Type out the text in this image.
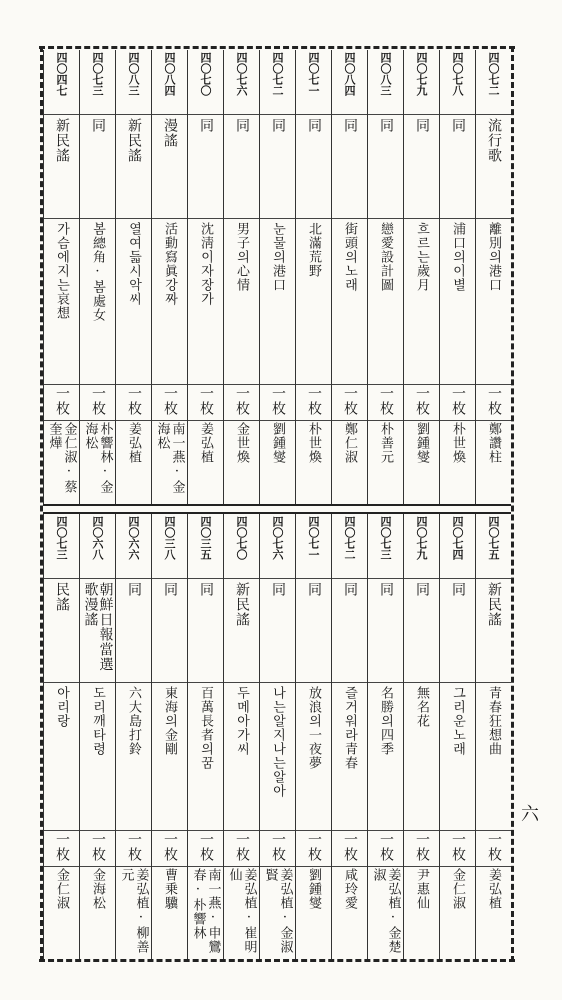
四〇七二
流行歌
離別의港口
一枚
鄭讚柱
四〇七八
同
浦口의이별
一枚
朴世煥
四〇七九
同
흐르는歲月
一枚
劉鍾燮
四〇八三
同
戀愛設計圖
一枚
朴善元
四〇八四
同
街頭의노래
一枚
鄭仁淑
四〇七一
同
北滿荒野
一枚
朴世煥
四〇七二
同
눈물의港口
一枚
劉鍾燮
四〇七六
同
男子의心情
一枚
金世煥
四〇七〇
同
沈淸이자장가
一枚
姜弘植
四〇八四
漫謠
活動寫眞강짜
一枚
南一燕·金海松
四〇八三
新民謠
열여듧시악씨
一枚
姜弘植
四〇七三
同
봄總角·봄處女
一枚
朴響林·金海松
四〇四七
新民謠
가슴에지는哀想
一枚
金仁淑·蔡奎燁
四〇七五
新民謠
青春狂想曲
一枚
姜弘植
四〇七四
同
그리운노래
一枚
金仁淑
四〇七九
同
無名花
一枚
尹惠仙
四〇七三
同
名勝의四季
一枚
姜弘植·金楚淑
四〇七二
同
즐거워라青春
一枚
咸玲愛
四〇七一
同
放浪의一夜夢
一枚
劉鍾燮
四〇七六
同
나는알지나는알아
一枚
姜弘植·金淑賢
四〇七〇
新民謠
두메아가씨
一枚
姜弘植·崔明仙
四〇三五
同
百萬長者의꿈
一枚
南一燕·申鸞春·朴響林
四〇三八
同
東海의金剛
一枚
曹乗驥
四〇六六
同
六大島打鈴
一枚
姜弘植·柳善元
四〇六八
朝鮮日報當選歌漫謠
도리깨타령
一枚
金海松
四〇七三
民謠
아리랑
一枚
金仁淑
六
